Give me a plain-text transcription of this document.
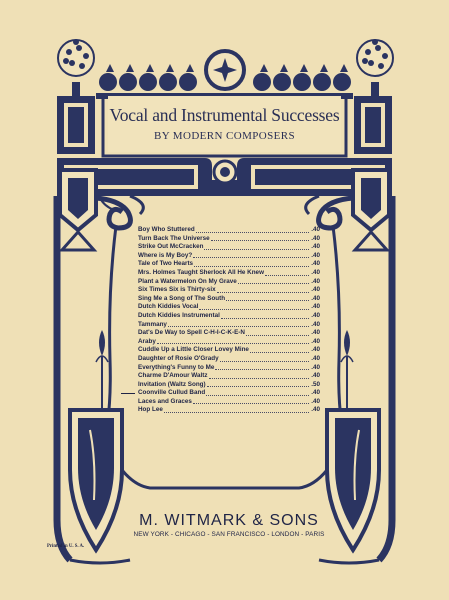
Vocal and Instrumental Successes
BY MODERN COMPOSERS
Boy Who Stuttered	.40
Turn Back The Universe	.40
Strike Out McCracken	.40
Where is My Boy?	.40
Tale of Two Hearts	.40
Mrs. Holmes Taught Sherlock All He Knew	.40
Plant a Watermelon On My Grave	.40
Six Times Six is Thirty-six	.40
Sing Me a Song of The South	.40
Dutch Kiddies Vocal	.40
Dutch Kiddies Instrumental	.40
Tammany	.40
Dat's De Way to Spell C-H-I-C-K-E-N	.40
Araby	.40
Cuddle Up a Little Closer Lovey Mine	.40
Daughter of Rosie O'Grady	.40
Everything's Funny to Me	.40
Charme D'Amour Waltz	.40
Invitation (Waltz Song)	.50
Coonville Cullud Band	.40
Laces and Graces	.40
Hop Lee	.40
M. WITMARK & SONS
NEW YORK - CHICAGO - SAN FRANCISCO - LONDON - PARIS
Printed in U. S. A.
